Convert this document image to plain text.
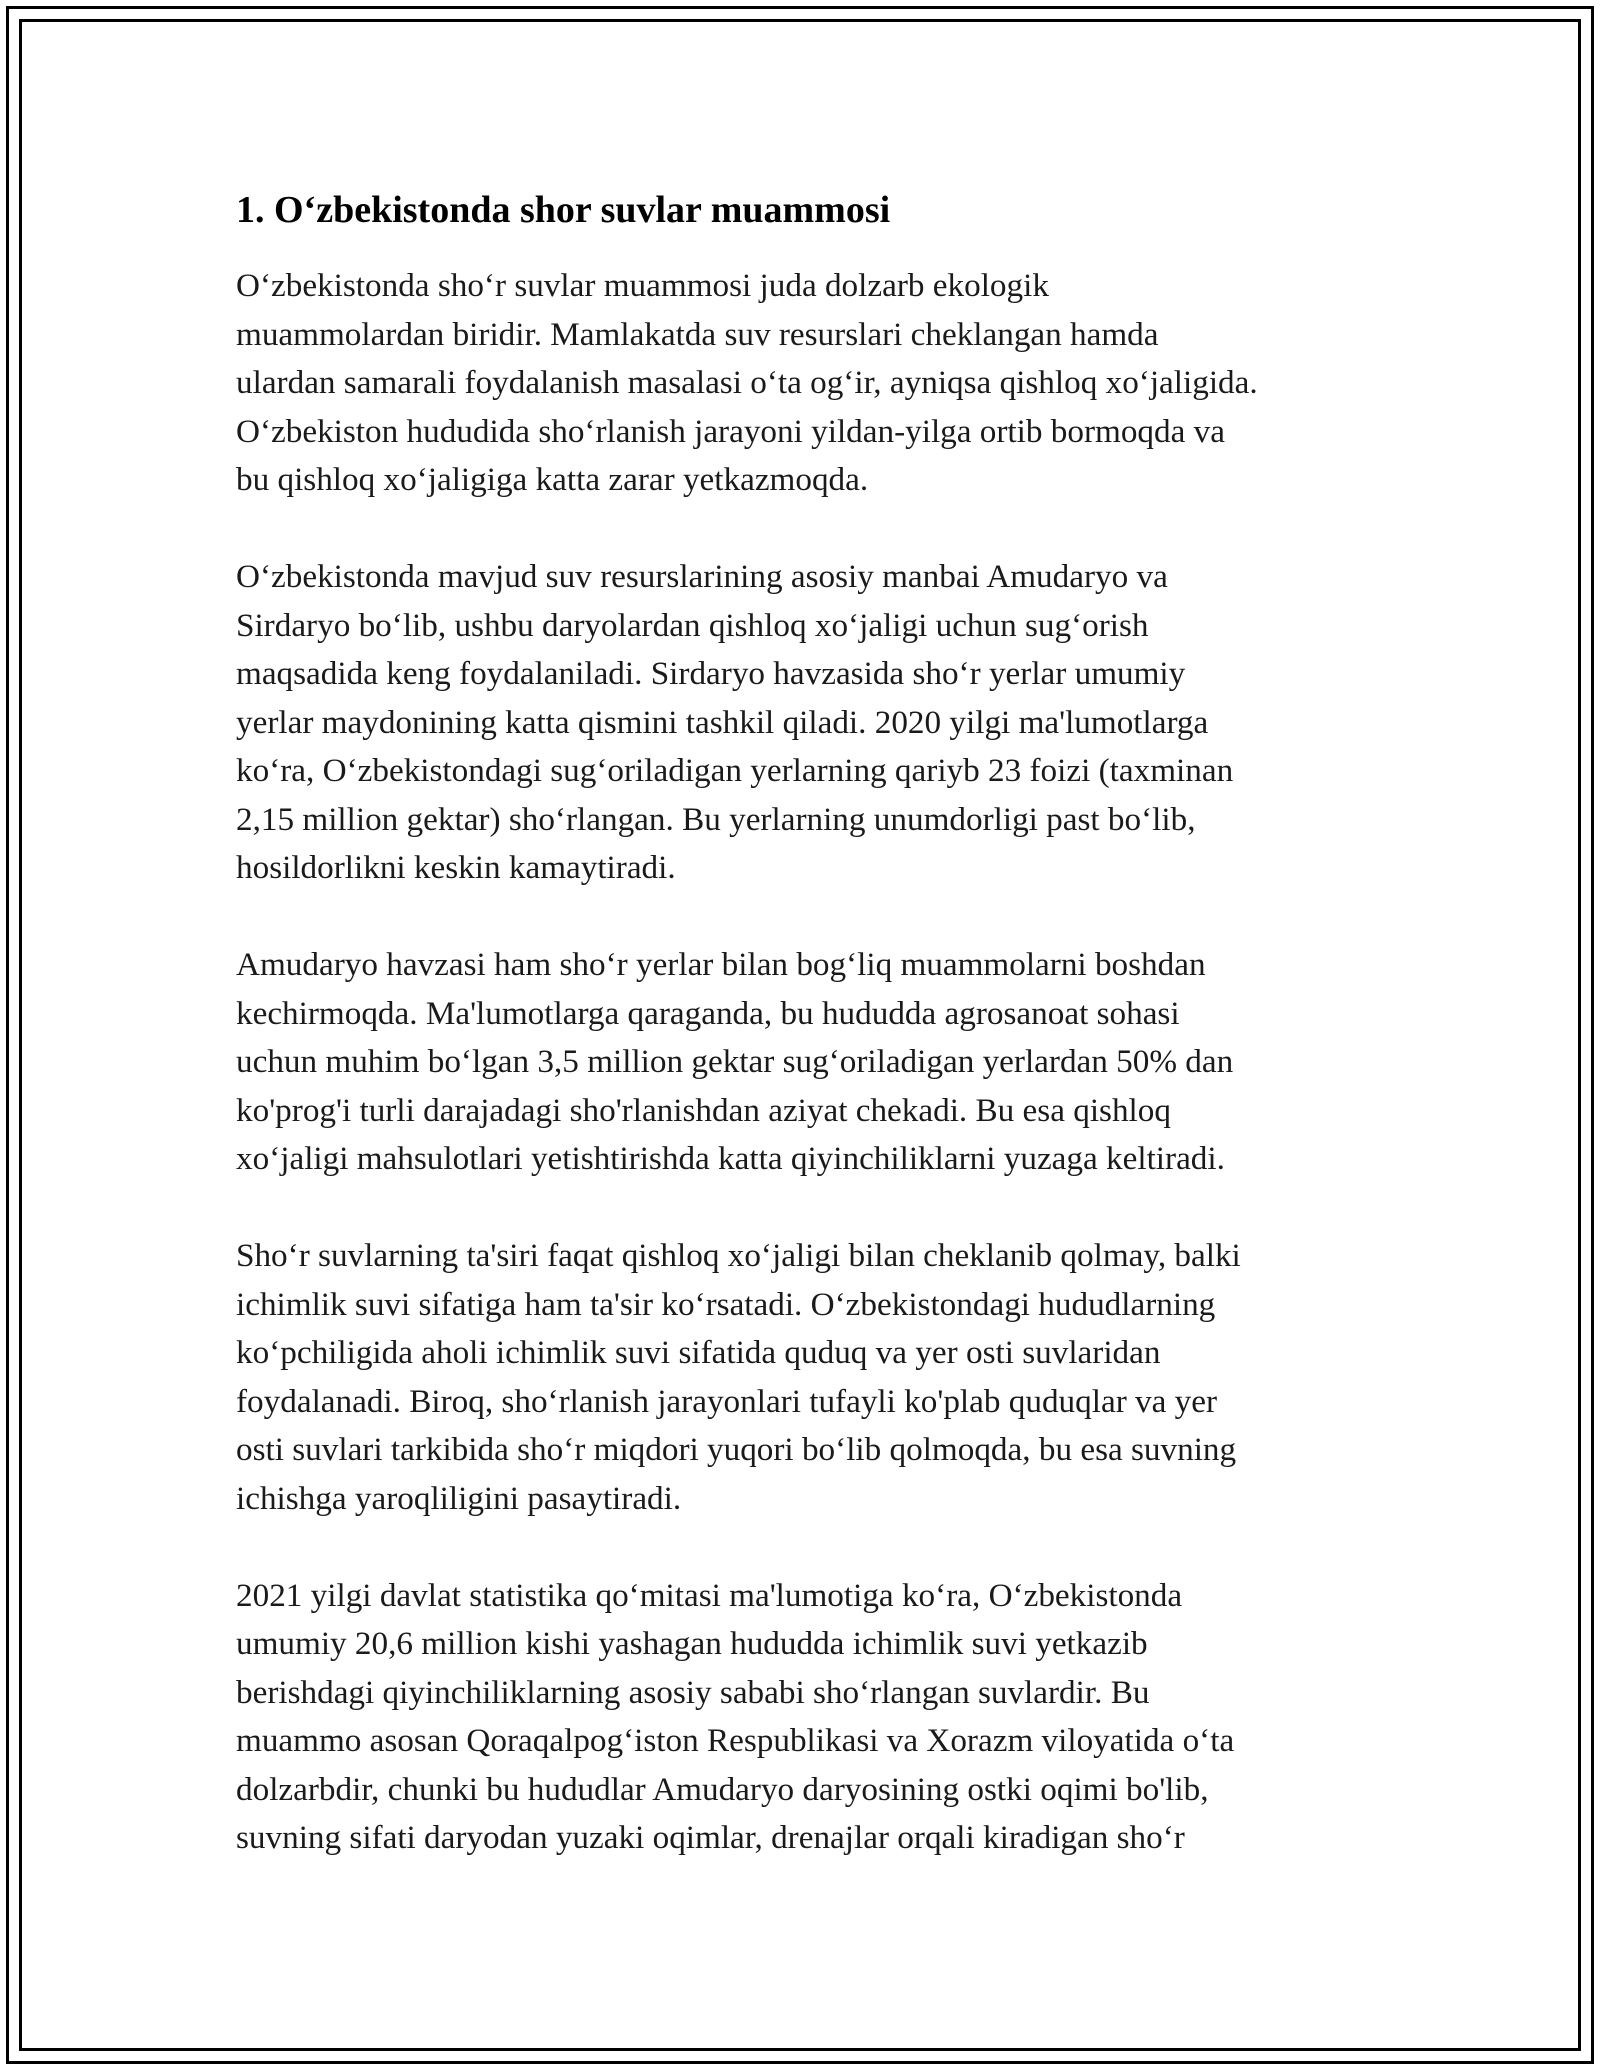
1. O‘zbekistonda shor suvlar muammosi

O‘zbekistonda sho‘r suvlar muammosi juda dolzarb ekologik
muammolardan biridir. Mamlakatda suv resurslari cheklangan hamda
ulardan samarali foydalanish masalasi o‘ta og‘ir, ayniqsa qishloq xo‘jaligida.
O‘zbekiston hududida sho‘rlanish jarayoni yildan-yilga ortib bormoqda va
bu qishloq xo‘jaligiga katta zarar yetkazmoqda.

O‘zbekistonda mavjud suv resurslarining asosiy manbai Amudaryo va
Sirdaryo bo‘lib, ushbu daryolardan qishloq xo‘jaligi uchun sug‘orish
maqsadida keng foydalaniladi. Sirdaryo havzasida sho‘r yerlar umumiy
yerlar maydonining katta qismini tashkil qiladi. 2020 yilgi ma'lumotlarga
ko‘ra, O‘zbekistondagi sug‘oriladigan yerlarning qariyb 23 foizi (taxminan
2,15 million gektar) sho‘rlangan. Bu yerlarning unumdorligi past bo‘lib,
hosildorlikni keskin kamaytiradi.

Amudaryo havzasi ham sho‘r yerlar bilan bog‘liq muammolarni boshdan
kechirmoqda. Ma'lumotlarga qaraganda, bu hududda agrosanoat sohasi
uchun muhim bo‘lgan 3,5 million gektar sug‘oriladigan yerlardan 50% dan
ko'prog'i turli darajadagi sho'rlanishdan aziyat chekadi. Bu esa qishloq
xo‘jaligi mahsulotlari yetishtirishda katta qiyinchiliklarni yuzaga keltiradi.

Sho‘r suvlarning ta'siri faqat qishloq xo‘jaligi bilan cheklanib qolmay, balki
ichimlik suvi sifatiga ham ta'sir ko‘rsatadi. O‘zbekistondagi hududlarning
ko‘pchiligida aholi ichimlik suvi sifatida quduq va yer osti suvlaridan
foydalanadi. Biroq, sho‘rlanish jarayonlari tufayli ko'plab quduqlar va yer
osti suvlari tarkibida sho‘r miqdori yuqori bo‘lib qolmoqda, bu esa suvning
ichishga yaroqliligini pasaytiradi.

2021 yilgi davlat statistika qo‘mitasi ma'lumotiga ko‘ra, O‘zbekistonda
umumiy 20,6 million kishi yashagan hududda ichimlik suvi yetkazib
berishdagi qiyinchiliklarning asosiy sababi sho‘rlangan suvlardir. Bu
muammo asosan Qoraqalpog‘iston Respublikasi va Xorazm viloyatida o‘ta
dolzarbdir, chunki bu hududlar Amudaryo daryosining ostki oqimi bo'lib,
suvning sifati daryodan yuzaki oqimlar, drenajlar orqali kiradigan sho‘r
